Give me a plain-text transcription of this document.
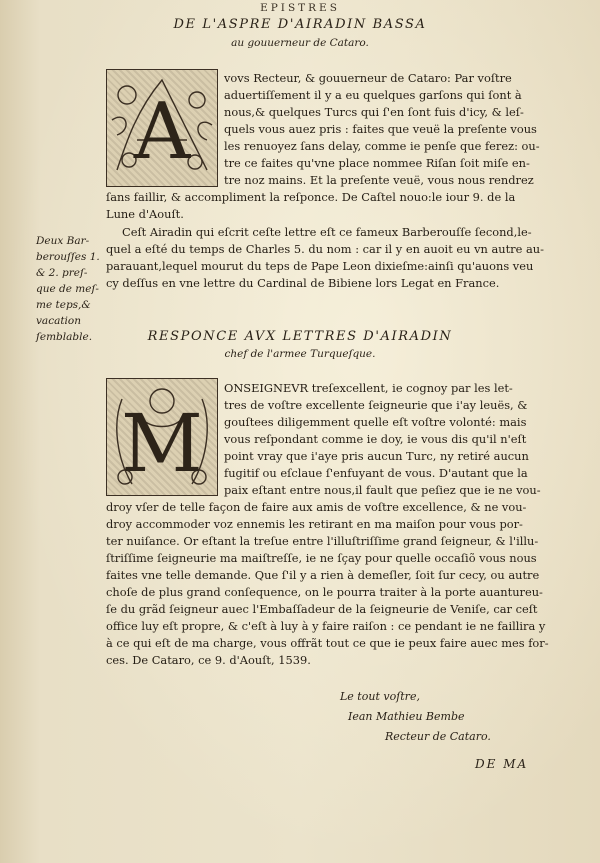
EPISTRES
DE L'ASPRE D'AIRADIN BASSA
au gouuerneur de Cataro.
A
vovs Recteur, & gouuerneur de Cataro: Par voſtre
aduertiſſement il y a eu quelques garſons qui ſont à
nous,& quelques Turcs qui ſ'en ſont fuis d'icy, & leſ-
quels vous auez pris : faites que veuë la preſente vous
les renuoyez ſans delay, comme ie penſe que ferez: ou-
tre ce faites qu'vne place nommee Riſan ſoit miſe en-
tre noz mains. Et la preſente veuë, vous nous rendrez
ſans faillir, & accompliment la reſponce. De Caſtel nouo:le iour 9. de la
Lune d'Aouſt.
Deux Bar-
berouſſes 1.
& 2. preſ-
que de meſ-
me teps,&
vacation
ſemblable.
Ceſt Airadin qui eſcrit ceſte lettre eſt ce fameux Barberouſſe ſecond,le-
quel a eſté du temps de Charles 5. du nom : car il y en auoit eu vn autre au-
parauant,lequel mourut du teps de Pape Leon dixieſme:ainſi qu'auons veu
cy deſſus en vne lettre du Cardinal de Bibiene lors Legat en France.
RESPONCE AVX LETTRES D'AIRADIN
chef de l'armee Turqueſque.
M
ONSEIGNEVR treſexcellent, ie cognoy par les let-
tres de voſtre excellente ſeigneurie que i'ay leuës, &
gouſtees diligemment quelle eſt voſtre volonté: mais
vous reſpondant comme ie doy, ie vous dis qu'il n'eſt
point vray que i'aye pris aucun Turc, ny retiré aucun
fugitif ou eſclaue ſ'enfuyant de vous. D'autant que la
paix eſtant entre nous,il fault que peſiez que ie ne vou-
droy vſer de telle façon de faire aux amis de voſtre excellence, & ne vou-
droy accommoder voz ennemis les retirant en ma maiſon pour vous por-
ter nuiſance. Or eſtant la treſue entre l'illuſtriſſime grand ſeigneur, & l'illu-
ſtriſſime ſeigneurie ma maiſtreſſe, ie ne ſçay pour quelle occaſiõ vous nous
faites vne telle demande. Que ſ'il y a rien à demeſler, ſoit ſur cecy, ou autre
choſe de plus grand conſequence, on le pourra traiter à la porte auantureu-
ſe du grãd ſeigneur auec l'Embaſſadeur de la ſeigneurie de Veniſe, car ceſt
office luy eſt propre, & c'eſt à luy à y faire raiſon : ce pendant ie ne faillira y
à ce qui eſt de ma charge, vous offrãt tout ce que ie peux faire auec mes for-
ces. De Cataro, ce 9. d'Aouſt, 1539.
Le tout voſtre,
Iean Mathieu Bembe
Recteur de Cataro.
DE MA
